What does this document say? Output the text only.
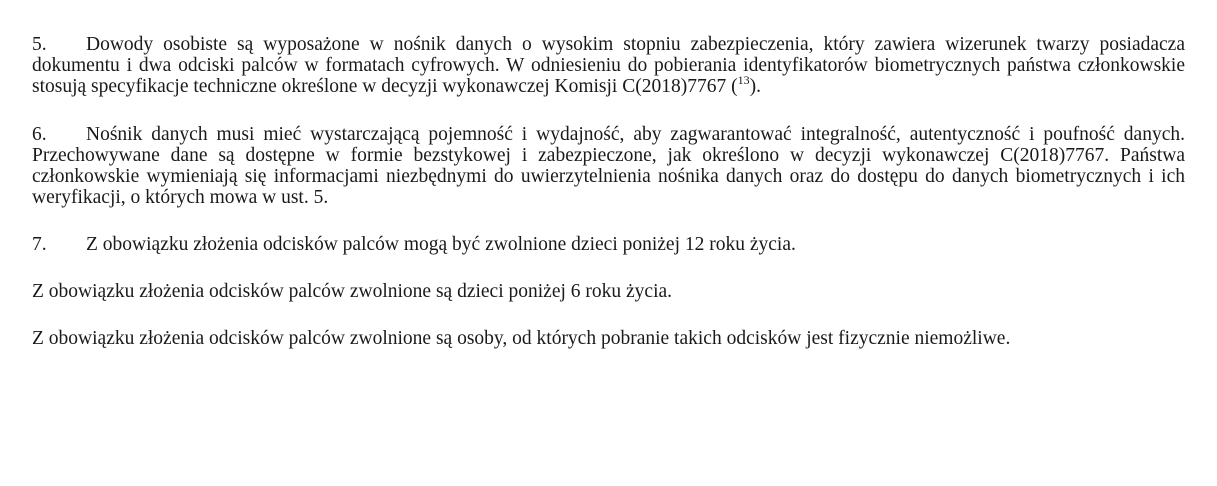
5. Dowody osobiste są wyposażone w nośnik danych o wysokim stopniu zabezpieczenia, który zawiera wizerunek twarzy posiadacza dokumentu i dwa odciski palców w formatach cyfrowych. W odniesieniu do pobierania identyfikatorów biometrycznych państwa członkowskie stosują specyfikacje techniczne określone w decyzji wykonawczej Komisji C(2018)7767 ($^{13}$).

6. Nośnik danych musi mieć wystarczającą pojemność i wydajność, aby zagwarantować integralność, autentyczność i poufność danych. Przechowywane dane są dostępne w formie bezstykowej i zabezpieczone, jak określono w decyzji wykonawczej C(2018)7767. Państwa członkowskie wymieniają się informacjami niezbędnymi do uwierzytelnienia nośnika danych oraz do dostępu do danych biometrycznych i ich weryfikacji, o których mowa w ust. 5.

7. Z obowiązku złożenia odcisków palców mogą być zwolnione dzieci poniżej 12 roku życia.

Z obowiązku złożenia odcisków palców zwolnione są dzieci poniżej 6 roku życia.

Z obowiązku złożenia odcisków palców zwolnione są osoby, od których pobranie takich odcisków jest fizycznie niemożliwe.
